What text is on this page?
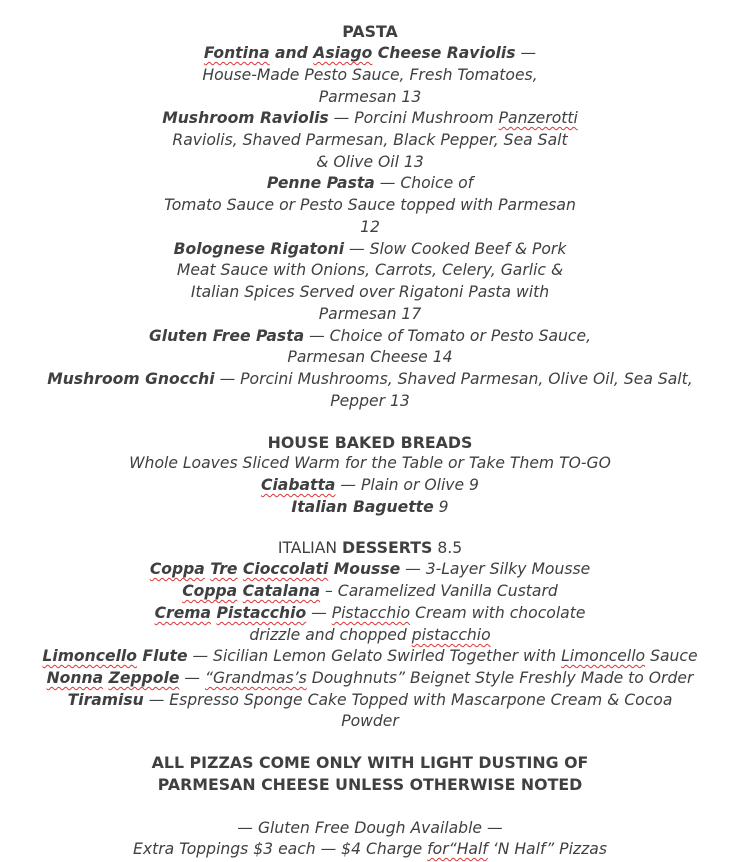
PASTA
Fontina and Asiago Cheese Raviolis —
House-Made Pesto Sauce, Fresh Tomatoes,
Parmesan 13
Mushroom Raviolis — Porcini Mushroom Panzerotti
Raviolis, Shaved Parmesan, Black Pepper, Sea Salt
& Olive Oil 13
Penne Pasta — Choice of
Tomato Sauce or Pesto Sauce topped with Parmesan
12
Bolognese Rigatoni — Slow Cooked Beef & Pork
Meat Sauce with Onions, Carrots, Celery, Garlic &
Italian Spices Served over Rigatoni Pasta with
Parmesan 17
Gluten Free Pasta — Choice of Tomato or Pesto Sauce,
Parmesan Cheese 14
Mushroom Gnocchi — Porcini Mushrooms, Shaved Parmesan, Olive Oil, Sea Salt,
Pepper 13
HOUSE BAKED BREADS
Whole Loaves Sliced Warm for the Table or Take Them TO-GO
Ciabatta — Plain or Olive 9
Italian Baguette 9
ITALIAN DESSERTS 8.5
Coppa Tre Cioccolati Mousse — 3-Layer Silky Mousse
Coppa Catalana – Caramelized Vanilla Custard
Crema Pistacchio — Pistacchio Cream with chocolate
drizzle and chopped pistacchio
Limoncello Flute — Sicilian Lemon Gelato Swirled Together with Limoncello Sauce
Nonna Zeppole — “Grandmas’s Doughnuts” Beignet Style Freshly Made to Order
Tiramisu — Espresso Sponge Cake Topped with Mascarpone Cream & Cocoa
Powder
ALL PIZZAS COME ONLY WITH LIGHT DUSTING OF
PARMESAN CHEESE UNLESS OTHERWISE NOTED
— Gluten Free Dough Available —
Extra Toppings $3 each — $4 Charge for“Half ‘N Half” Pizzas
